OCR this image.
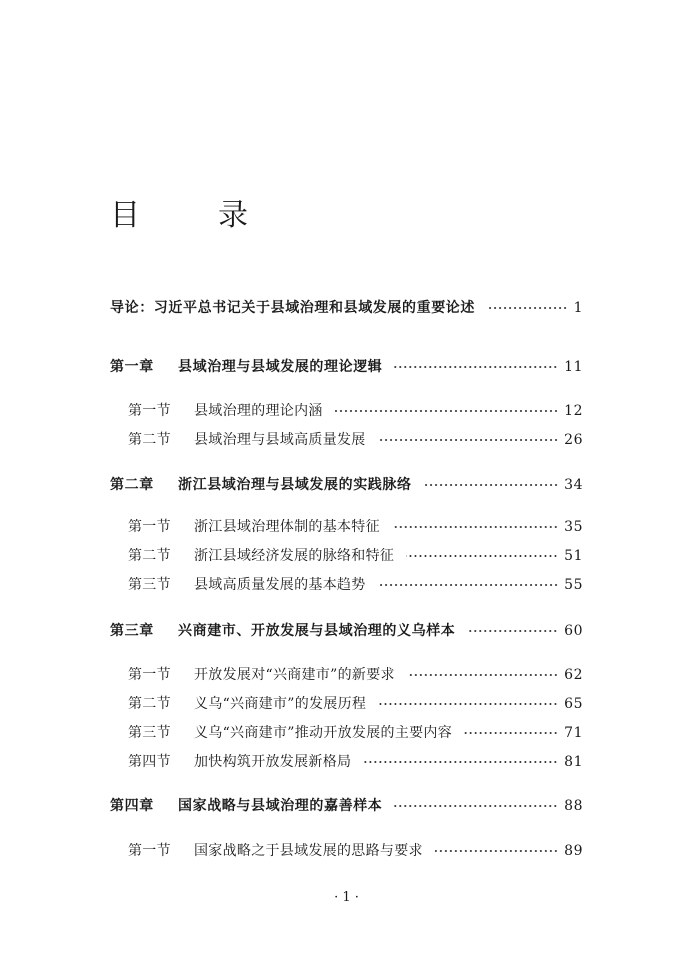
目　录
导论：习近平总书记关于县域治理和县域发展的重要论述	1
第一章	县域治理与县域发展的理论逻辑	11
第一节	县域治理的理论内涵	12
第二节	县域治理与县域高质量发展	26
第二章	浙江县域治理与县域发展的实践脉络	34
第一节	浙江县域治理体制的基本特征	35
第二节	浙江县域经济发展的脉络和特征	51
第三节	县域高质量发展的基本趋势	55
第三章	兴商建市、开放发展与县域治理的义乌样本	60
第一节	开放发展对“兴商建市”的新要求	62
第二节	义乌“兴商建市”的发展历程	65
第三节	义乌“兴商建市”推动开放发展的主要内容	71
第四节	加快构筑开放发展新格局	81
第四章	国家战略与县域治理的嘉善样本	88
第一节	国家战略之于县域发展的思路与要求	89
· 1 ·
